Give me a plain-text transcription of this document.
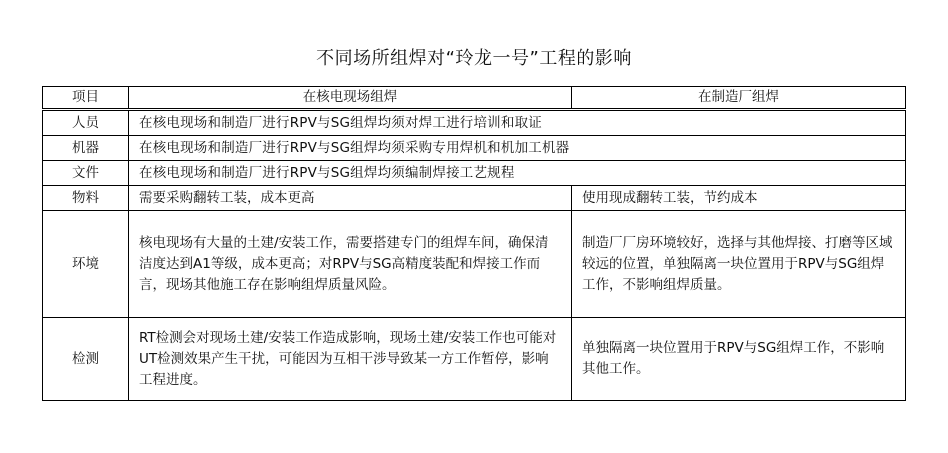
不同场所组焊对“玲龙一号”工程的影响
项目	在核电现场组焊	在制造厂组焊
人员	在核电现场和制造厂进行RPV与SG组焊均须对焊工进行培训和取证	
机器	在核电现场和制造厂进行RPV与SG组焊均须采购专用焊机和机加工机器	
文件	在核电现场和制造厂进行RPV与SG组焊均须编制焊接工艺规程	
物料	需要采购翻转工装，成本更高	使用现成翻转工装，节约成本
环境	核电现场有大量的土建/安装工作，需要搭建专门的组焊车间，确保清洁度达到A1等级，成本更高；对RPV与SG高精度装配和焊接工作而言，现场其他施工存在影响组焊质量风险。	制造厂厂房环境较好，选择与其他焊接、打磨等区域较远的位置，单独隔离一块位置用于RPV与SG组焊工作，不影响组焊质量。
检测	RT检测会对现场土建/安装工作造成影响，现场土建/安装工作也可能对UT检测效果产生干扰，可能因为互相干涉导致某一方工作暂停，影响工程进度。	单独隔离一块位置用于RPV与SG组焊工作，不影响其他工作。
